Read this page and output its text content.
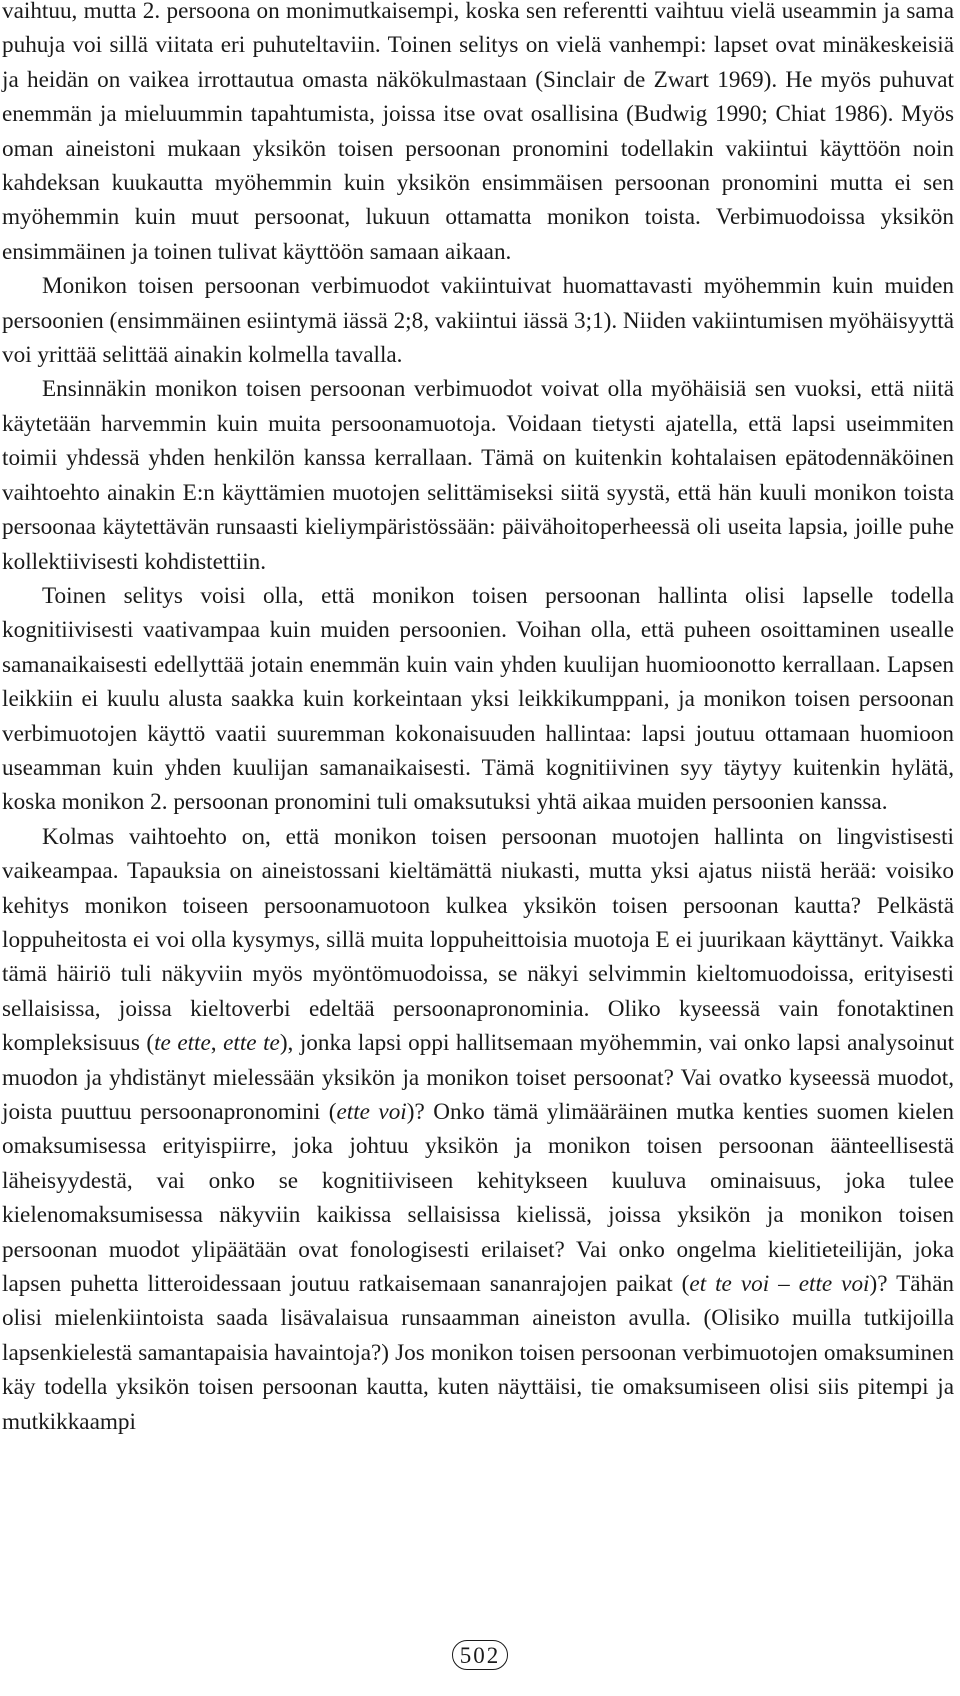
vaihtuu, mutta 2. persoona on monimutkaisempi, koska sen referentti vaihtuu vielä useammin ja sama puhuja voi sillä viitata eri puhuteltaviin. Toinen selitys on vielä vanhempi: lapset ovat minäkeskeisiä ja heidän on vaikea irrottautua omasta näkökulmastaan (Sinclair de Zwart 1969). He myös puhuvat enemmän ja mieluummin tapahtumista, joissa itse ovat osallisina (Budwig 1990; Chiat 1986). Myös oman aineistoni mukaan yksikön toisen persoonan pronomini todellakin vakiintui käyttöön noin kahdeksan kuukautta myöhemmin kuin yksikön ensimmäisen persoonan pronomini mutta ei sen myöhemmin kuin muut persoonat, lukuun ottamatta monikon toista. Verbimuodoissa yksikön ensimmäinen ja toinen tulivat käyttöön samaan aikaan.

Monikon toisen persoonan verbimuodot vakiintuivat huomattavasti myöhemmin kuin muiden persoonien (ensimmäinen esiintymä iässä 2;8, vakiintui iässä 3;1). Niiden vakiintumisen myöhäisyyttä voi yrittää selittää ainakin kolmella tavalla.

Ensinnäkin monikon toisen persoonan verbimuodot voivat olla myöhäisiä sen vuoksi, että niitä käytetään harvemmin kuin muita persoonamuotoja. Voidaan tietysti ajatella, että lapsi useimmiten toimii yhdessä yhden henkilön kanssa kerrallaan. Tämä on kuitenkin kohtalaisen epätodennäköinen vaihtoehto ainakin E:n käyttämien muotojen selittämiseksi siitä syystä, että hän kuuli monikon toista persoonaa käytettävän runsaasti kieliympäristössään: päivähoitoperheessä oli useita lapsia, joille puhe kollektiivisesti kohdistettiin.

Toinen selitys voisi olla, että monikon toisen persoonan hallinta olisi lapselle todella kognitiivisesti vaativampaa kuin muiden persoonien. Voihan olla, että puheen osoittaminen usealle samanaikaisesti edellyttää jotain enemmän kuin vain yhden kuulijan huomioonotto kerrallaan. Lapsen leikkiin ei kuulu alusta saakka kuin korkeintaan yksi leikkikumppani, ja monikon toisen persoonan verbimuotojen käyttö vaatii suuremman kokonaisuuden hallintaa: lapsi joutuu ottamaan huomioon useamman kuin yhden kuulijan samanaikaisesti. Tämä kognitiivinen syy täytyy kuitenkin hylätä, koska monikon 2. persoonan pronomini tuli omaksutuksi yhtä aikaa muiden persoonien kanssa.

Kolmas vaihtoehto on, että monikon toisen persoonan muotojen hallinta on lingvistisesti vaikeampaa. Tapauksia on aineistossani kieltämättä niukasti, mutta yksi ajatus niistä herää: voisiko kehitys monikon toiseen persoonamuotoon kulkea yksikön toisen persoonan kautta? Pelkästä loppuheitosta ei voi olla kysymys, sillä muita loppuheittoisia muotoja E ei juurikaan käyttänyt. Vaikka tämä häiriö tuli näkyviin myös myöntömuodoissa, se näkyi selvimmin kieltomuodoissa, erityisesti sellaisissa, joissa kieltoverbi edeltää persoonapronominia. Oliko kyseessä vain fonotaktinen kompleksisuus (te ette, ette te), jonka lapsi oppi hallitsemaan myöhemmin, vai onko lapsi analysoinut muodon ja yhdistänyt mielessään yksikön ja monikon toiset persoonat? Vai ovatko kyseessä muodot, joista puuttuu persoonapronomini (ette voi)? Onko tämä ylimääräinen mutka kenties suomen kielen omaksumisessa erityispiirre, joka johtuu yksikön ja monikon toisen persoonan äänteellisestä läheisyydestä, vai onko se kognitiiviseen kehitykseen kuuluva ominaisuus, joka tulee kielenomaksumisessa näkyviin kaikissa sellaisissa kielissä, joissa yksikön ja monikon toisen persoonan muodot ylipäätään ovat fonologisesti erilaiset? Vai onko ongelma kielitieteilijän, joka lapsen puhetta litteroidessaan joutuu ratkaisemaan sananrajojen paikat (et te voi – ette voi)? Tähän olisi mielenkiintoista saada lisävalaisua runsaamman aineiston avulla. (Olisiko muilla tutkijoilla lapsenkielestä samantapaisia havaintoja?) Jos monikon toisen persoonan verbimuotojen omaksuminen käy todella yksikön toisen persoonan kautta, kuten näyttäisi, tie omaksumiseen olisi siis pitempi ja mutkikkaampi

502
